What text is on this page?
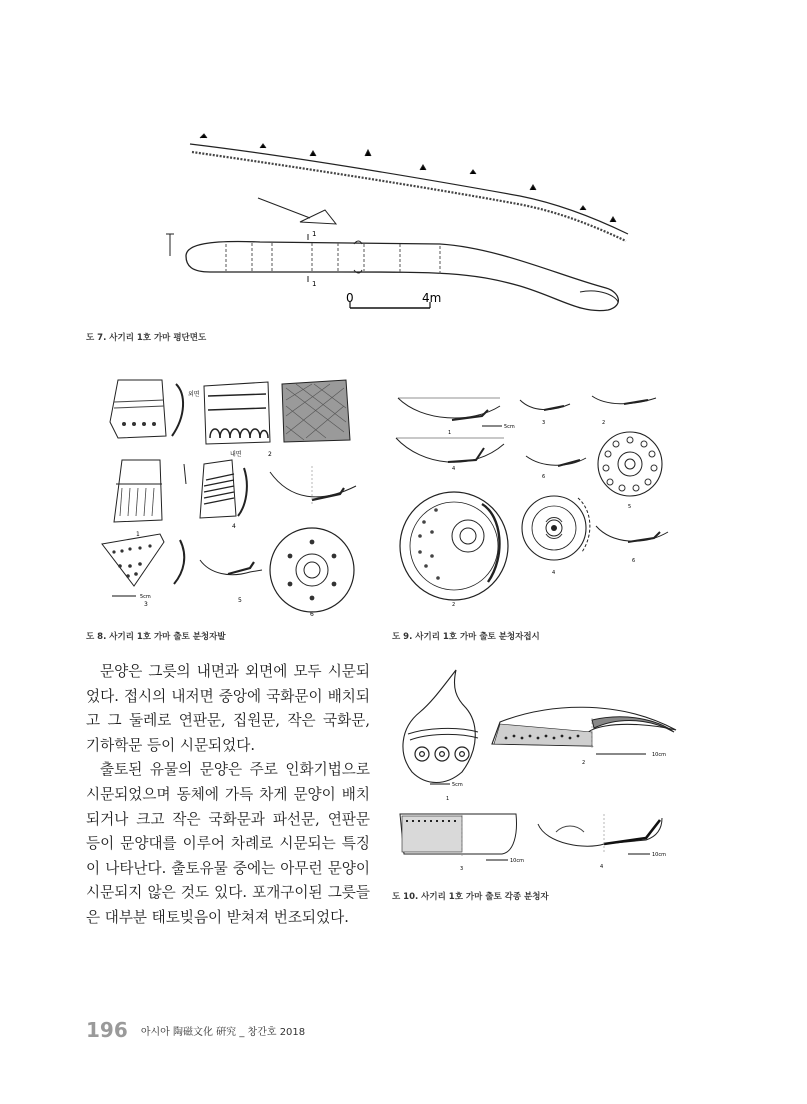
0	4m
1
1
도 7. 사기리 1호 가마 평단면도
외면
내면	2
1
4
3
5
6
5cm
도 8. 사기리 1호 가마 출토 분청자발
1
3	2
4
6
5
2
4
6
5cm
도 9. 사기리 1호 가마 출토 분청자접시
5cm
1
10cm
2
10cm
3
10cm
4
도 10. 사기리 1호 가마 출토 각종 분청자

문양은 그릇의 내면과 외면에 모두 시문되었다. 접시의 내저면 중앙에 국화문이 배치되고 그 둘레로 연판문, 집원문, 작은 국화문, 기하학문 등이 시문되었다.

출토된 유물의 문양은 주로 인화기법으로 시문되었으며 동체에 가득 차게 문양이 배치되거나 크고 작은 국화문과 파선문, 연판문 등이 문양대를 이루어 차례로 시문되는 특징이 나타난다. 출토유물 중에는 아무런 문양이 시문되지 않은 것도 있다. 포개구이된 그릇들은 대부분 태토빚음이 받쳐져 번조되었다.

196 아시아 陶磁文化 硏究 _ 창간호 2018
